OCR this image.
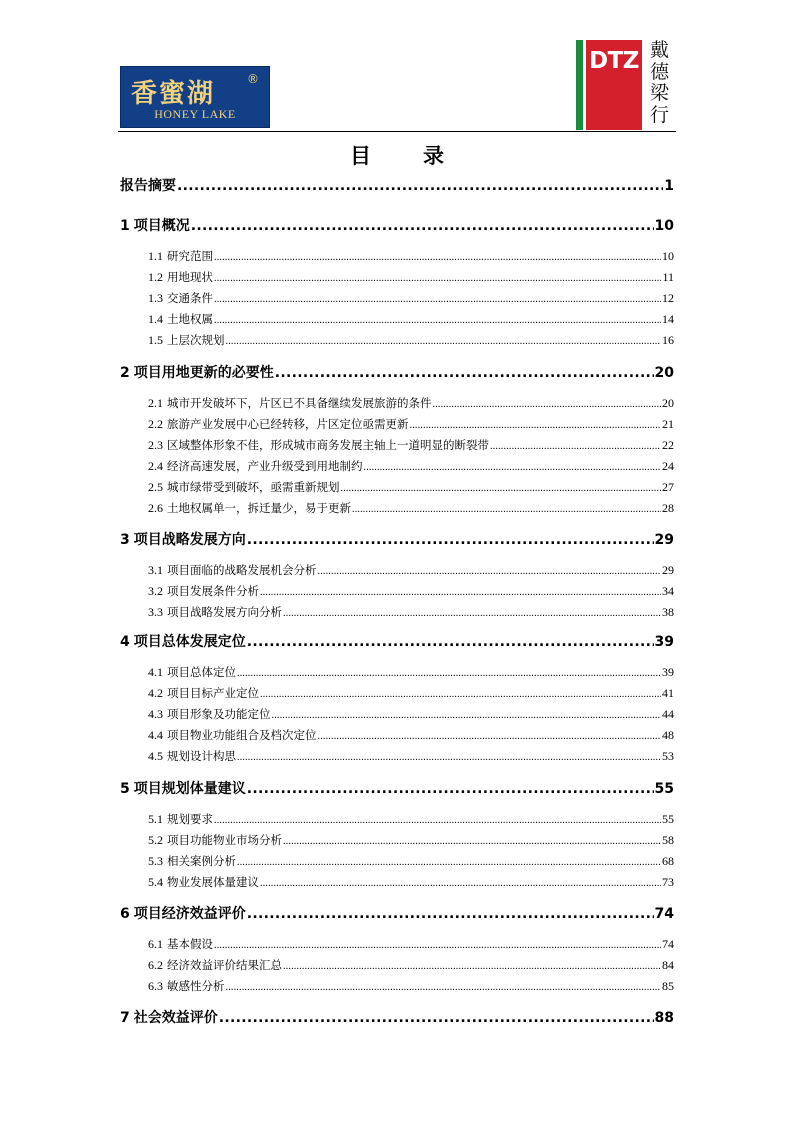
香蜜湖	®
HONEY LAKE
DTZ 戴
德
梁
行
目 录
报告摘要 .....	1
1 项目概况 .....	10
1.1 研究范围 .....	10
1.2 用地现状 .....	11
1.3 交通条件 .....	12
1.4 土地权属 .....	14
1.5 上层次规划 .....	16
2 项目用地更新的必要性 .....	20
2.1 城市开发破坏下，片区已不具备继续发展旅游的条件 .....	20
2.2 旅游产业发展中心已经转移，片区定位亟需更新 .....	21
2.3 区域整体形象不佳，形成城市商务发展主轴上一道明显的断裂带 .....	22
2.4 经济高速发展，产业升级受到用地制约 .....	24
2.5 城市绿带受到破坏，亟需重新规划 .....	27
2.6 土地权属单一，拆迁量少，易于更新 .....	28
3 项目战略发展方向 .....	29
3.1 项目面临的战略发展机会分析 .....	29
3.2 项目发展条件分析 .....	34
3.3 项目战略发展方向分析 .....	38
4 项目总体发展定位 .....	39
4.1 项目总体定位 .....	39
4.2 项目目标产业定位 .....	41
4.3 项目形象及功能定位 .....	44
4.4 项目物业功能组合及档次定位 .....	48
4.5 规划设计构思 .....	53
5 项目规划体量建议 .....	55
5.1 规划要求 .....	55
5.2 项目功能物业市场分析 .....	58
5.3 相关案例分析 .....	68
5.4 物业发展体量建议 .....	73
6 项目经济效益评价 .....	74
6.1 基本假设 .....	74
6.2 经济效益评价结果汇总 .....	84
6.3 敏感性分析 .....	85
7 社会效益评价 .....	88
